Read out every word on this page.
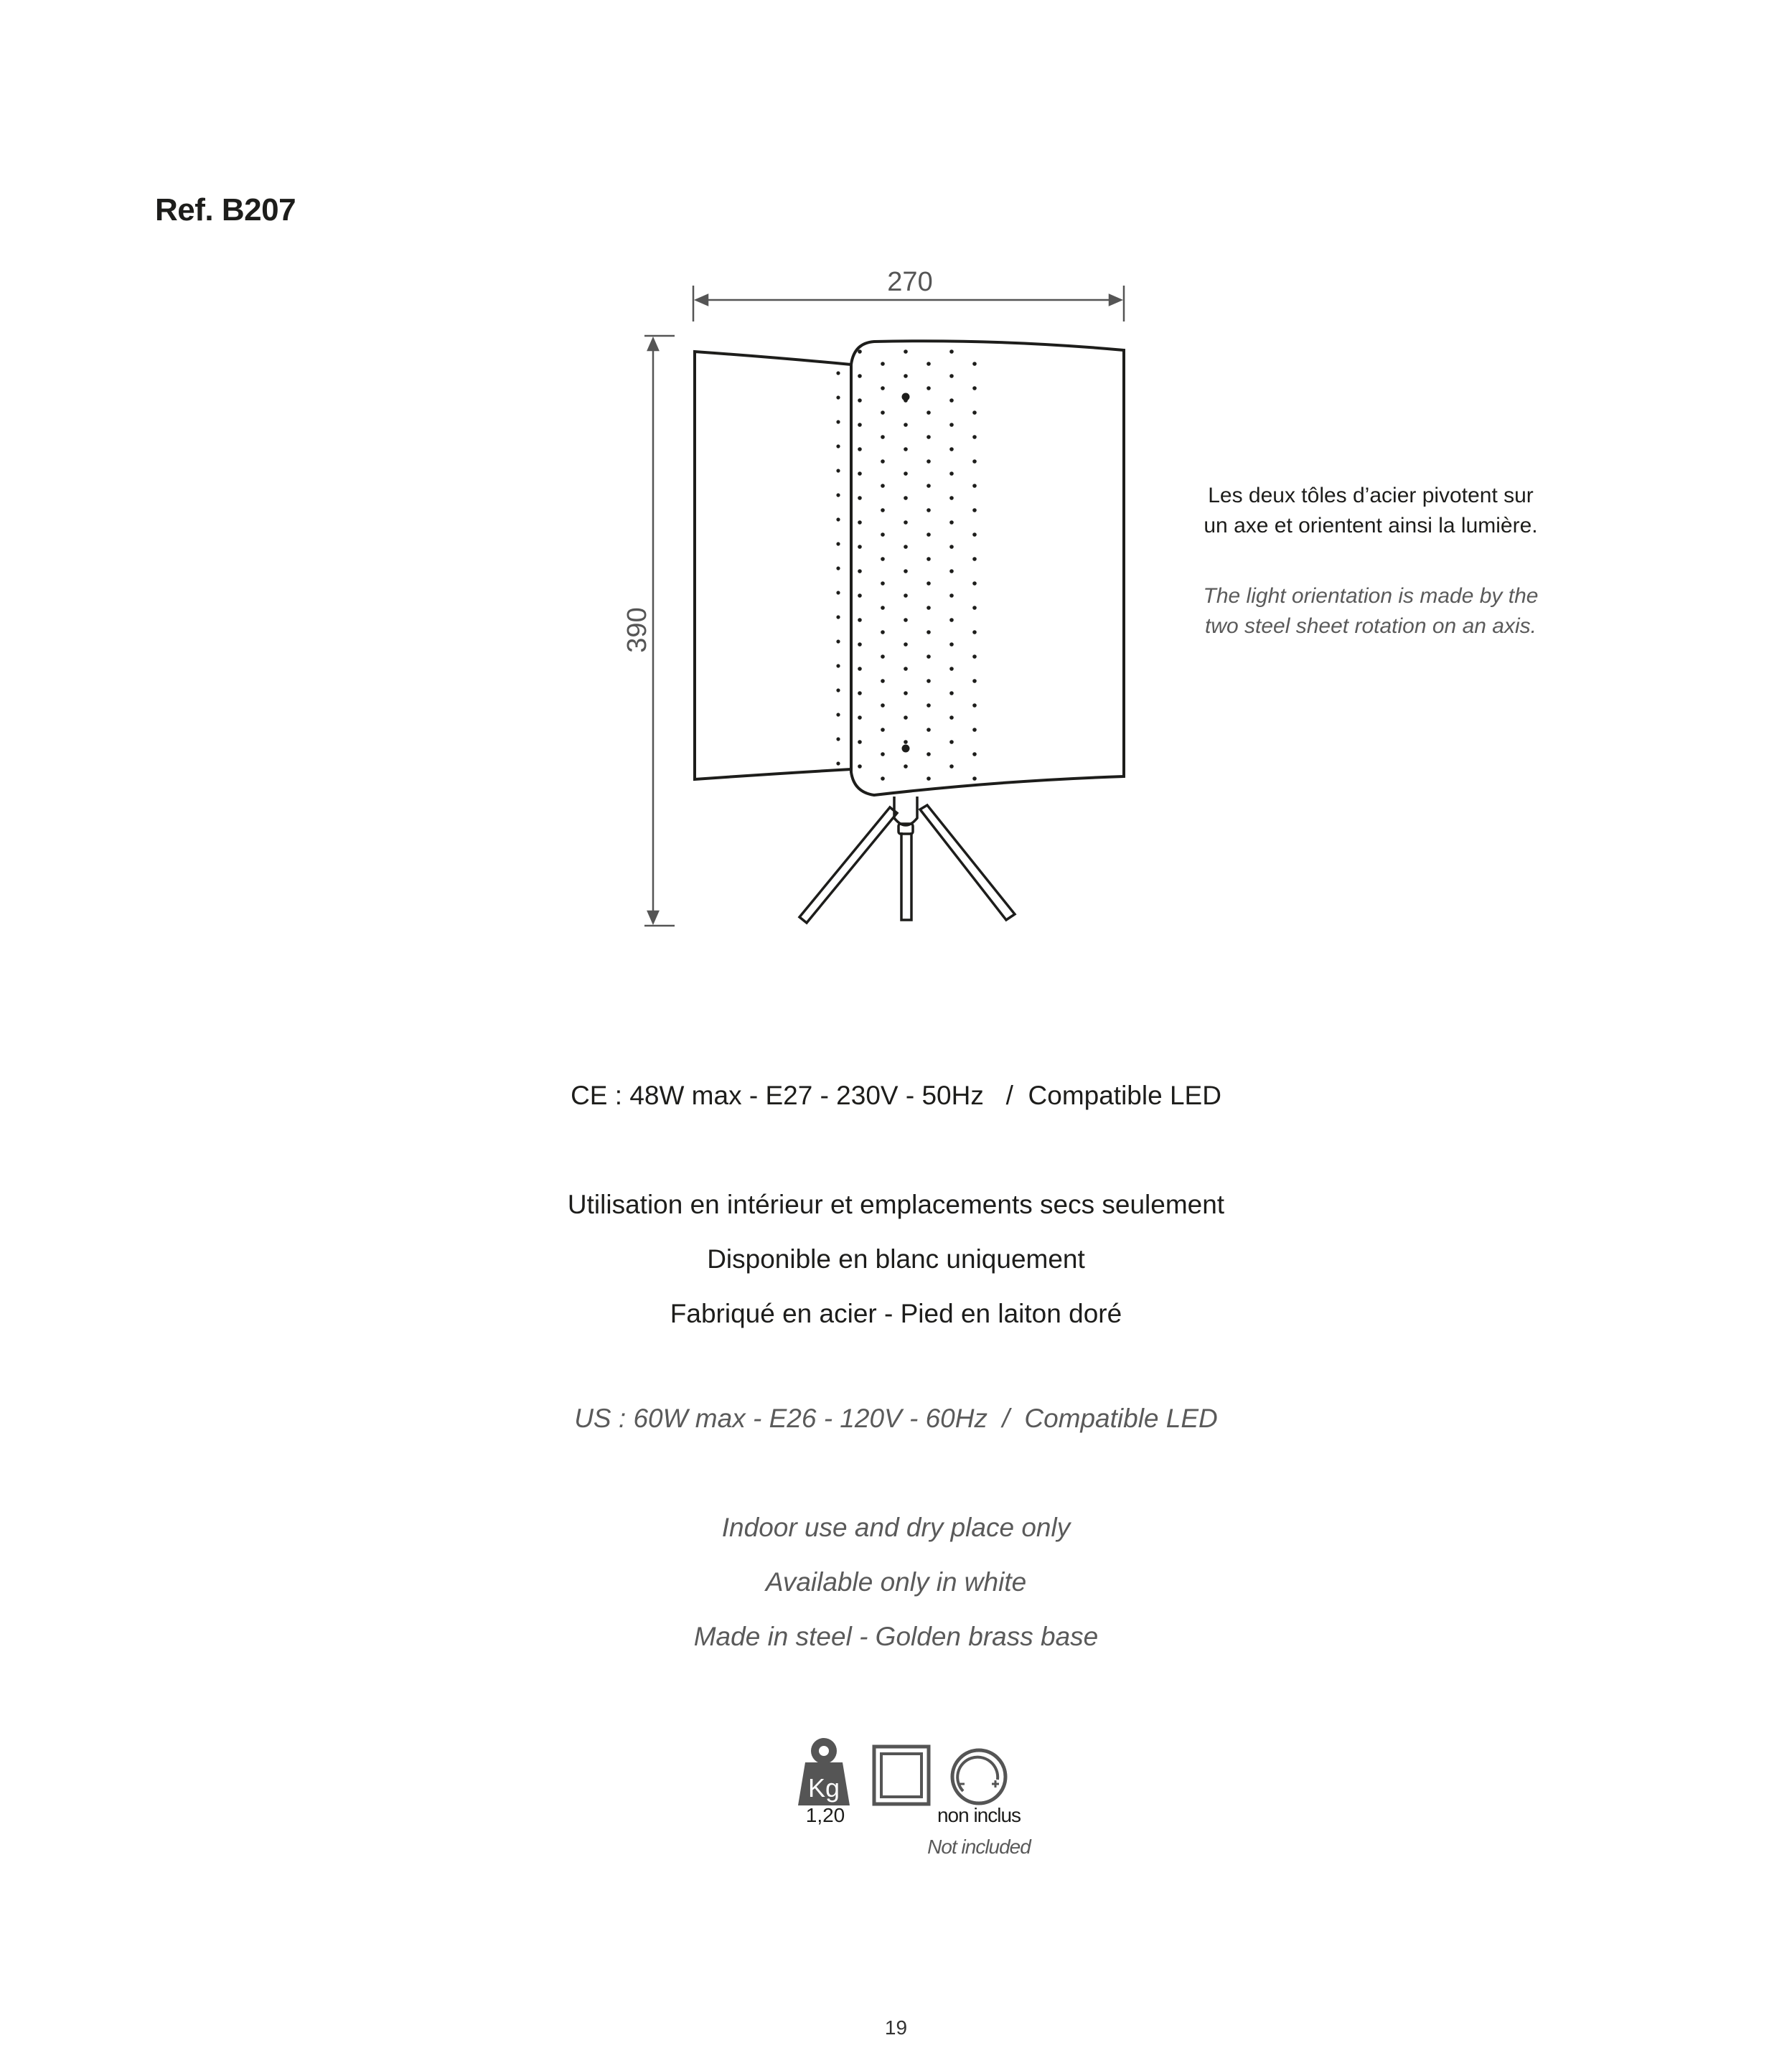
Ref. B207
270
390
Les deux tôles d’acier pivotent sur
un axe et orientent ainsi la lumière.
The light orientation is made by the
two steel sheet rotation on an axis.
CE : 48W max - E27 - 230V - 50Hz   /  Compatible LED
Utilisation en intérieur et emplacements secs seulement
Disponible en blanc uniquement
Fabriqué en acier - Pied en laiton doré
US : 60W max - E26 - 120V - 60Hz  /  Compatible LED
Indoor use and dry place only
Available only in white
Made in steel - Golden brass base
Kg
1,20	non inclus
Not included
19
